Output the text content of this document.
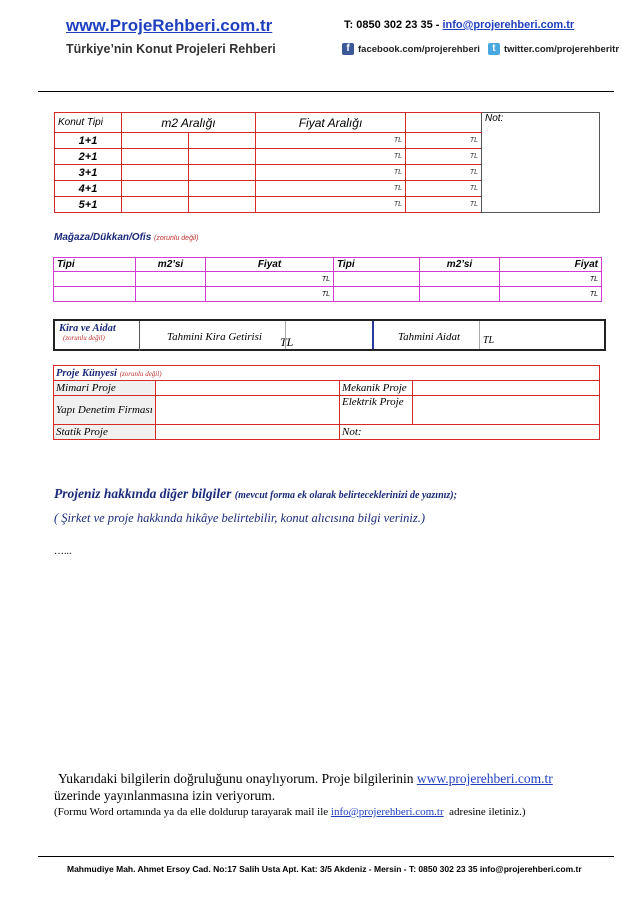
www.ProjeRehberi.com.tr
Türkiye’nin Konut Projeleri Rehberi
T: 0850 302 23 35 - info@projerehberi.com.tr
f facebook.com/projerehberi	t twitter.com/projerehberitr
Konut Tipi	m2 Aralığı		Fiyat Aralığı		Not:
1+1			TL	TL	
2+1			TL	TL	
3+1			TL	TL	
4+1			TL	TL	
5+1			TL	TL	
Mağaza/Dükkan/Ofis (zorunlu değil)
Tipi	m2’si	Fiyat	Tipi	m2’si	Fiyat
		TL			TL
		TL			TL
Kira ve Aidat
(zorunlu değil)	Tahmini Kira Getirisi TL	Tahmini Aidat TL
Proje Künyesi (zorunlu değil)			
Mimari Proje		Mekanik Proje	
Yapı Denetim Firması		Elektrik Proje	
Statik Proje		Not:	
Projeniz hakkında diğer bilgiler (mevcut forma ek olarak belirteceklerinizi de yazınız);
( Şirket ve proje hakkında hikâye belirtebilir, konut alıcısına bilgi veriniz.)
…...
Yukarıdaki bilgilerin doğruluğunu onaylıyorum. Proje bilgilerinin www.projerehberi.com.tr
üzerinde yayınlanmasına izin veriyorum.
(Formu Word ortamında ya da elle doldurup tarayarak mail ile info@projerehberi.com.tr  adresine iletiniz.)
Mahmudiye Mah. Ahmet Ersoy Cad. No:17 Salih Usta Apt. Kat: 3/5 Akdeniz - Mersin - T: 0850 302 23 35 info@projerehberi.com.tr
